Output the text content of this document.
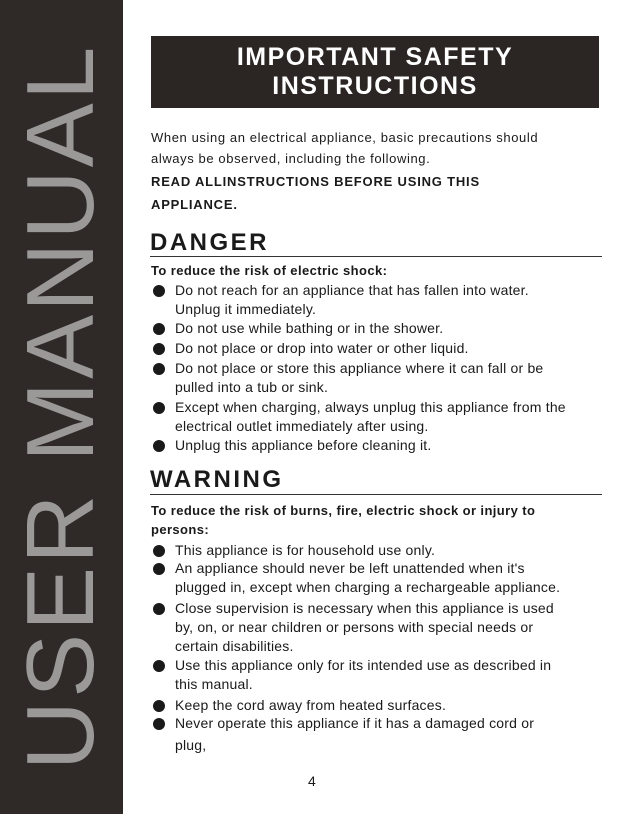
USER MANUAL	IMPORTANT SAFETY
INSTRUCTIONS
When using an electrical appliance, basic precautions should
always be observed, including the following.
READ ALLINSTRUCTIONS BEFORE USING THIS
APPLIANCE.
DANGER
To reduce the risk of electric shock:
Do not reach for an appliance that has fallen into water.
Unplug it immediately.
Do not use while bathing or in the shower.
Do not place or drop into water or other liquid.
Do not place or store this appliance where it can fall or be
pulled into a tub or sink.
Except when charging, always unplug this appliance from the
electrical outlet immediately after using.
Unplug this appliance before cleaning it.
WARNING
To reduce the risk of burns, fire, electric shock or injury to
persons:
This appliance is for household use only.
An appliance should never be left unattended when it's
plugged in, except when charging a rechargeable appliance.
Close supervision is necessary when this appliance is used
by, on, or near children or persons with special needs or
certain disabilities.
Use this appliance only for its intended use as described in
this manual.
Keep the cord away from heated surfaces.
Never operate this appliance if it has a damaged cord or
plug,
4
